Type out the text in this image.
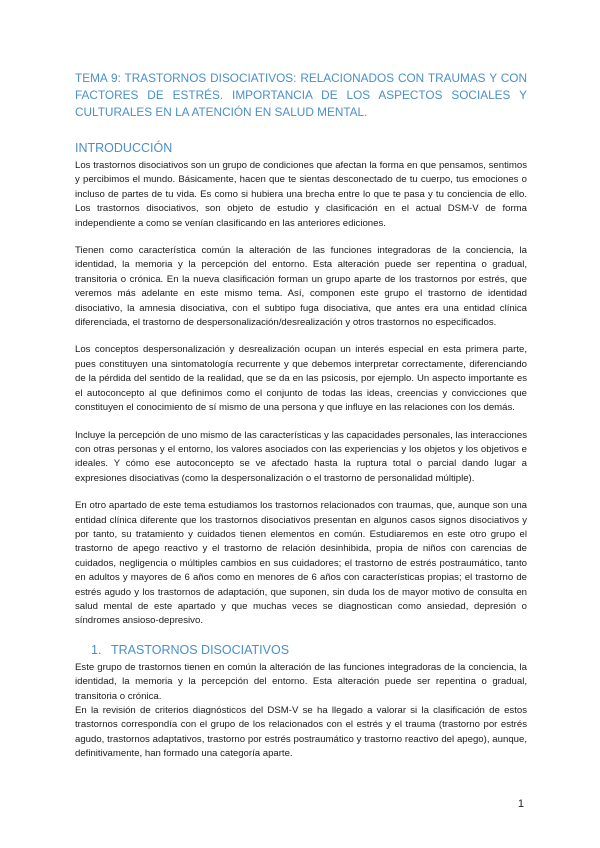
TEMA 9: TRASTORNOS DISOCIATIVOS: RELACIONADOS CON TRAUMAS Y CON FACTORES DE ESTRÉS. IMPORTANCIA DE LOS ASPECTOS SOCIALES Y CULTURALES EN LA ATENCIÓN EN SALUD MENTAL.
INTRODUCCIÓN

Los trastornos disociativos son un grupo de condiciones que afectan la forma en que pensamos, sentimos y percibimos el mundo. Básicamente, hacen que te sientas desconectado de tu cuerpo, tus emociones o incluso de partes de tu vida. Es como si hubiera una brecha entre lo que te pasa y tu conciencia de ello. Los trastornos disociativos, son objeto de estudio y clasificación en el actual DSM-V de forma independiente a como se venían clasificando en las anteriores ediciones.

Tienen como característica común la alteración de las funciones integradoras de la conciencia, la identidad, la memoria y la percepción del entorno. Esta alteración puede ser repentina o gradual, transitoria o crónica. En la nueva clasificación forman un grupo aparte de los trastornos por estrés, que veremos más adelante en este mismo tema. Así, componen este grupo el trastorno de identidad disociativo, la amnesia disociativa, con el subtipo fuga disociativa, que antes era una entidad clínica diferenciada, el trastorno de despersonalización/desrealización y otros trastornos no especificados.

Los conceptos despersonalización y desrealización ocupan un interés especial en esta primera parte, pues constituyen una sintomatología recurrente y que debemos interpretar correctamente, diferenciando de la pérdida del sentido de la realidad, que se da en las psicosis, por ejemplo. Un aspecto importante es el autoconcepto al que definimos como el conjunto de todas las ideas, creencias y convicciones que constituyen el conocimiento de sí mismo de una persona y que influye en las relaciones con los demás.

Incluye la percepción de uno mismo de las características y las capacidades personales, las interacciones con otras personas y el entorno, los valores asociados con las experiencias y los objetos y los objetivos e ideales. Y cómo ese autoconcepto se ve afectado hasta la ruptura total o parcial dando lugar a expresiones disociativas (como la despersonalización o el trastorno de personalidad múltiple).

En otro apartado de este tema estudiamos los trastornos relacionados con traumas, que, aunque son una entidad clínica diferente que los trastornos disociativos presentan en algunos casos signos disociativos y por tanto, su tratamiento y cuidados tienen elementos en común. Estudiaremos en este otro grupo el trastorno de apego reactivo y el trastorno de relación desinhibida, propia de niños con carencias de cuidados, negligencia o múltiples cambios en sus cuidadores; el trastorno de estrés postraumático, tanto en adultos y mayores de 6 años como en menores de 6 años con características propias; el trastorno de estrés agudo y los trastornos de adaptación, que suponen, sin duda los de mayor motivo de consulta en salud mental de este apartado y que muchas veces se diagnostican como ansiedad, depresión o síndromes ansioso-depresivo.

1. TRASTORNOS DISOCIATIVOS

Este grupo de trastornos tienen en común la alteración de las funciones integradoras de la conciencia, la identidad, la memoria y la percepción del entorno. Esta alteración puede ser repentina o gradual, transitoria o crónica.

En la revisión de criterios diagnósticos del DSM-V se ha llegado a valorar si la clasificación de estos trastornos correspondía con el grupo de los relacionados con el estrés y el trauma (trastorno por estrés agudo, trastornos adaptativos, trastorno por estrés postraumático y trastorno reactivo del apego), aunque, definitivamente, han formado una categoría aparte.

1
